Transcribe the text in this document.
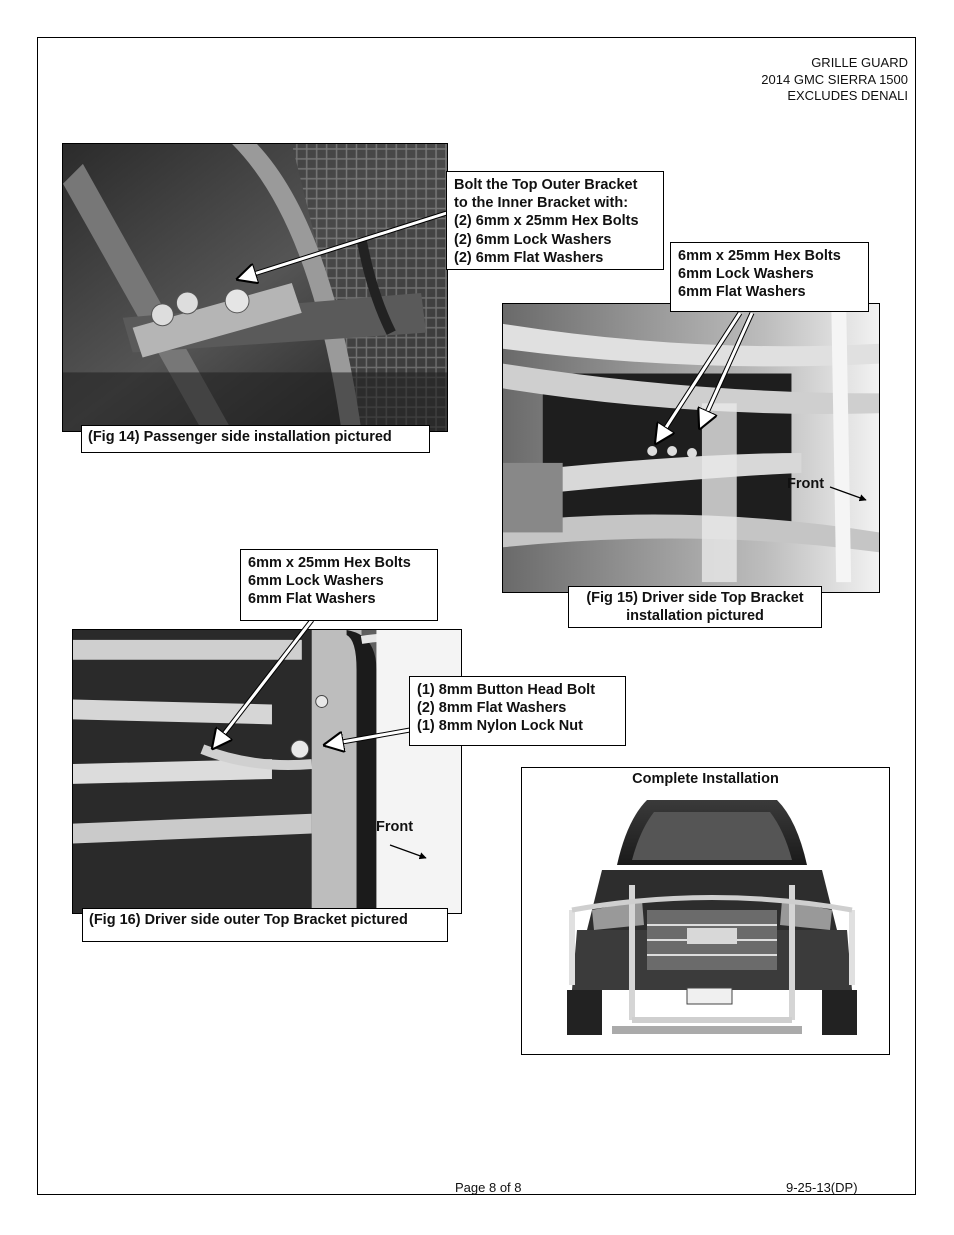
GRILLE GUARD
2014 GMC SIERRA 1500
EXCLUDES DENALI
Complete Installation
Bolt the Top Outer Bracket
to the Inner Bracket with:
(2) 6mm x 25mm Hex Bolts
(2) 6mm Lock Washers
(2) 6mm Flat Washers
(Fig 14) Passenger side installation pictured
6mm x 25mm Hex Bolts
6mm Lock Washers
6mm Flat Washers
Front
(Fig 15) Driver side Top Bracket
installation pictured
6mm x 25mm Hex Bolts
6mm Lock Washers
6mm Flat Washers
(1) 8mm Button Head Bolt
(2) 8mm Flat Washers
(1) 8mm Nylon Lock Nut
Front
(Fig 16) Driver side outer Top Bracket pictured
Page 8 of 8	9-25-13(DP)
